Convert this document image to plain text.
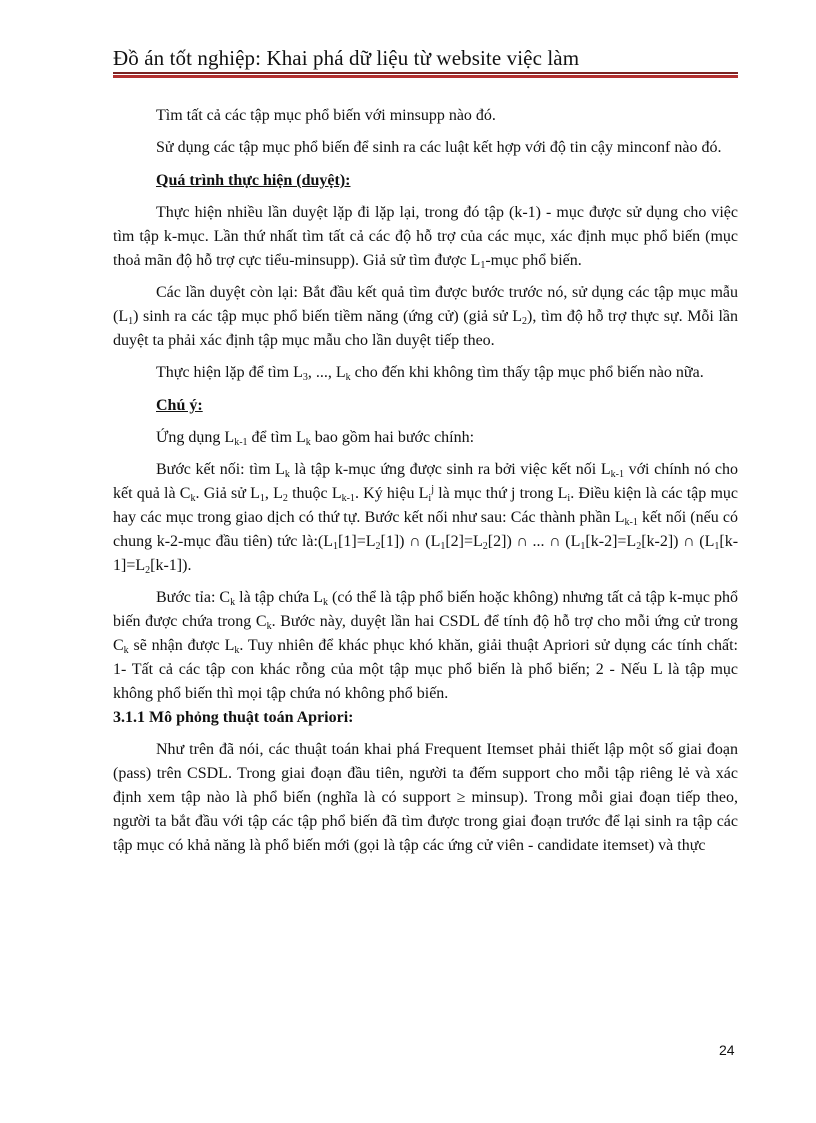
Đồ án tốt nghiệp: Khai phá dữ liệu từ website việc làm

Tìm tất cả các tập mục phổ biến với minsupp nào đó.

Sử dụng các tập mục phổ biến để sinh ra các luật kết hợp với độ tin cậy minconf nào đó.

Quá trình thực hiện (duyệt):

Thực hiện nhiều lần duyệt lặp đi lặp lại, trong đó tập (k-1) - mục được sử dụng cho việc tìm tập k-mục. Lần thứ nhất tìm tất cả các độ hỗ trợ của các mục, xác định mục phổ biến (mục thoả mãn độ hỗ trợ cực tiểu-minsupp). Giả sử tìm được $L_1$-mục phổ biến.

Các lần duyệt còn lại: Bắt đầu kết quả tìm được bước trước nó, sử dụng các tập mục mẫu $(L_1)$ sinh ra các tập mục phổ biến tiềm năng (ứng cử) (giả sử $L_2$), tìm độ hỗ trợ thực sự. Mỗi lần duyệt ta phải xác định tập mục mẫu cho lần duyệt tiếp theo.

Thực hiện lặp để tìm $L_3$, ..., $L_k$ cho đến khi không tìm thấy tập mục phổ biến nào nữa.

Chú ý:

Ứng dụng $L_{k-1}$ để tìm $L_k$ bao gồm hai bước chính:

Bước kết nối: tìm $L_k$ là tập k-mục ứng được sinh ra bởi việc kết nối $L_{k-1}$ với chính nó cho kết quả là $C_k$. Giả sử $L_1$, $L_2$ thuộc $L_{k-1}$. Ký hiệu $L_i^j$ là mục thứ j trong $L_i$. Điều kiện là các tập mục hay các mục trong giao dịch có thứ tự. Bước kết nối như sau: Các thành phần $L_{k-1}$ kết nối (nếu có chung k-2-mục đầu tiên) tức $là:(L_1[1]=L_2[1])$ ∩ $(L_1[2]=L_2[2])$ ∩ ... ∩ $(L_1[k-2]=L_2[k-2])$ ∩ $(L_1[k-1]=L_2[k-1])$.

Bước tỉa: $C_k$ là tập chứa $L_k$ (có thể là tập phổ biến hoặc không) nhưng tất cả tập k-mục phổ biến được chứa trong $C_k$. Bước này, duyệt lần hai CSDL để tính độ hỗ trợ cho mỗi ứng cử trong $C_k$ sẽ nhận được $L_k$. Tuy nhiên để khác phục khó khăn, giải thuật Apriori sử dụng các tính chất: 1- Tất cả các tập con khác rỗng của một tập mục phổ biến là phổ biến; 2 - Nếu L là tập mục không phổ biến thì mọi tập chứa nó không phổ biến.

3.1.1 Mô phỏng thuật toán Apriori:

Như trên đã nói, các thuật toán khai phá Frequent Itemset phải thiết lập một số giai đoạn (pass) trên CSDL. Trong giai đoạn đầu tiên, người ta đếm support cho mỗi tập riêng lẻ và xác định xem tập nào là phổ biến (nghĩa là có support ≥ minsup). Trong mỗi giai đoạn tiếp theo, người ta bắt đầu với tập các tập phổ biến đã tìm được trong giai đoạn trước để lại sinh ra tập các tập mục có khả năng là phổ biến mới (gọi là tập các ứng cử viên - candidate itemset) và thực

24
